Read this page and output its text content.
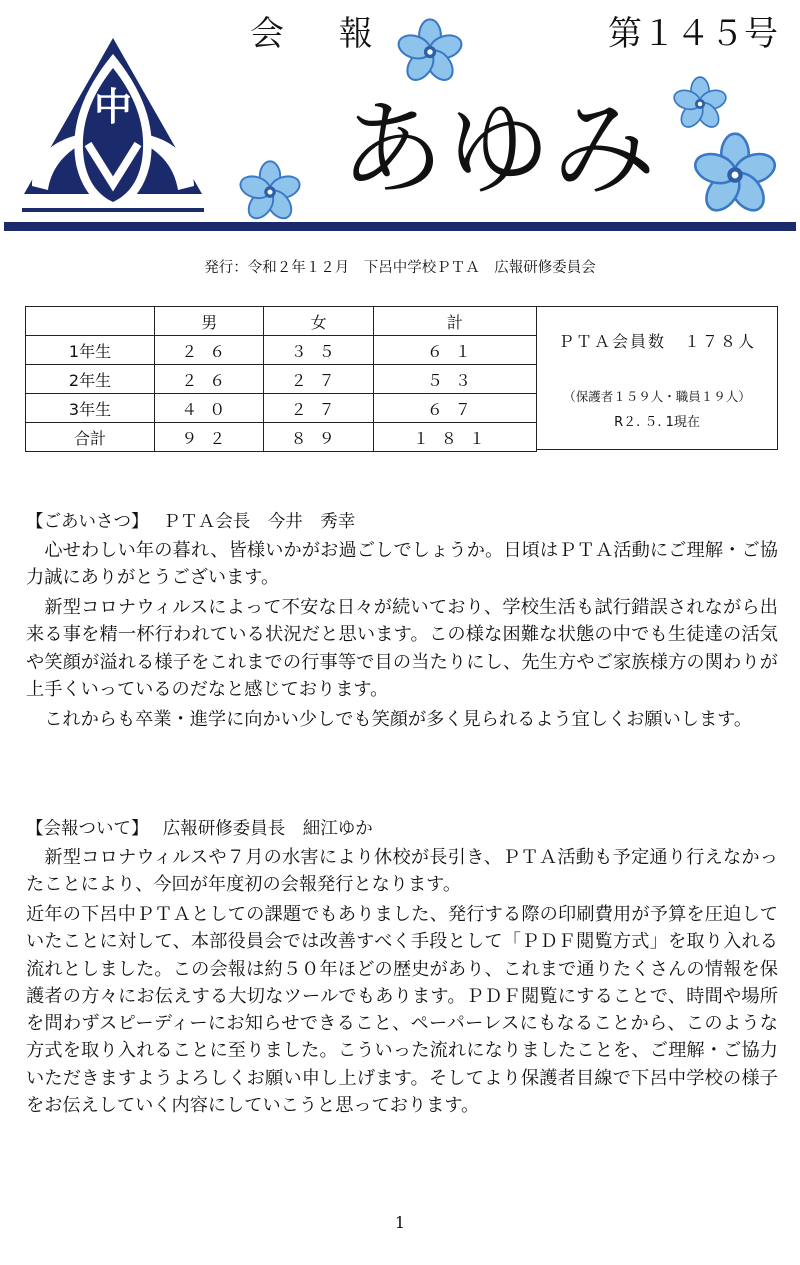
中
会 報	第１４５号
あゆみ
発行：令和２年１２月　下呂中学校ＰＴＡ　広報研修委員会
	男	女	計
1年生	２６	３５	６１
2年生	２６	２７	５３
3年生	４０	２７	６７
合計	９２	８９	１８１
ＰＴＡ会員数　１７８人
（保護者１５９人・職員１９人）
R２. ５. 1現在
【ごあいさつ】　 ＰＴＡ会長　今井　秀幸

　心せわしい年の暮れ、皆様いかがお過ごしでしょうか。日頃はＰＴＡ活動にご理解・ご協力誠にありがとうございます。

　新型コロナウィルスによって不安な日々が続いており、学校生活も試行錯誤されながら出来る事を精一杯行われている状況だと思います。この様な困難な状態の中でも生徒達の活気や笑顔が溢れる様子をこれまでの行事等で目の当たりにし、先生方やご家族様方の関わりが上手くいっているのだなと感じております。

　これからも卒業・進学に向かい少しでも笑顔が多く見られるよう宜しくお願いします。

【会報ついて】　 広報研修委員長　細江ゆか

　新型コロナウィルスや７月の水害により休校が長引き、ＰＴＡ活動も予定通り行えなかったことにより、今回が年度初の会報発行となります。

近年の下呂中ＰＴＡとしての課題でもありました、発行する際の印刷費用が予算を圧迫していたことに対して、本部役員会では改善すべく手段として「ＰＤＦ閲覧方式」を取り入れる流れとしました。この会報は約５０年ほどの歴史があり、これまで通りたくさんの情報を保護者の方々にお伝えする大切なツールでもあります。ＰＤＦ閲覧にすることで、時間や場所を問わずスピーディーにお知らせできること、ペーパーレスにもなることから、このような方式を取り入れることに至りました。こういった流れになりましたことを、ご理解・ご協力いただきますようよろしくお願い申し上げます。そしてより保護者目線で下呂中学校の様子をお伝えしていく内容にしていこうと思っております。

1
